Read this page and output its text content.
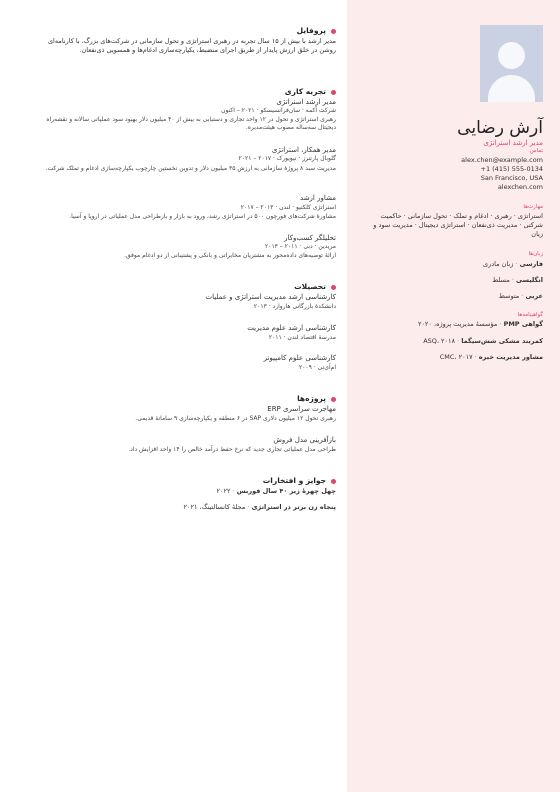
آرش رضایی
مدیر ارشد استراتژی
تماس
alex.chen@example.com
+1 (415) 555-0134
San Francisco, USA
alexchen.com
مهارت‌ها
استراتژی · رهبری · ادغام و تملک · تحول سازمانی · حاکمیت شرکتی · مدیریت ذی‌نفعان · استراتژی دیجیتال · مدیریت سود و زیان
زبان‌ها
فارسی · زبان مادری
انگلیسی · مسلط
عربی · متوسط
گواهینامه‌ها
گواهی PMP · مؤسسهٔ مدیریت پروژه، ۲۰۲۰
کمربند مشکی شش‌سیگما · ASQ، ۲۰۱۸
مشاور مدیریت خبره · CMC، ۲۰۱۷
پروفایل
مدیر ارشد با بیش از ۱۵ سال تجربه در رهبری استراتژی و تحول سازمانی در شرکت‌های بزرگ، با کارنامه‌ای روشن در خلق ارزش پایدار از طریق اجرای منضبط، یکپارچه‌سازی ادغام‌ها و همسویی ذی‌نفعان.
تجربه کاری
مدیر ارشد استراتژی
شرکت آکمه · سان‌فرانسیسکو · ۲۰۲۱ – اکنون
رهبری استراتژی و تحول در ۱۲ واحد تجاری و دستیابی به بیش از ۴۰ میلیون دلار بهبود سود عملیاتی سالانه و نقشه‌راه دیجیتال سه‌ساله مصوب هیئت‌مدیره.
مدیر همکار، استراتژی
گلوبال پارتنرز · نیویورک · ۲۰۱۷ – ۲۰۲۱
مدیریت سبد ۸ پروژهٔ سازمانی به ارزش ۳۵ میلیون دلار و تدوین نخستین چارچوب یکپارچه‌سازی ادغام و تملک شرکت.
مشاور ارشد
استراتژی کلکتیو · لندن · ۲۰۱۳ – ۲۰۱۷
مشاورهٔ شرکت‌های فورچون ۵۰۰ در استراتژی رشد، ورود به بازار و بازطراحی مدل عملیاتی در اروپا و آسیا.
تحلیلگر کسب‌وکار
مریدین · دبی · ۲۰۱۱ – ۲۰۱۳
ارائهٔ توصیه‌های داده‌محور به مشتریان مخابراتی و بانکی و پشتیبانی از دو ادغام موفق.
تحصیلات
کارشناسی ارشد مدیریت استراتژی و عملیات
دانشکدهٔ بازرگانی هاروارد · ۲۰۱۳
کارشناسی ارشد علوم مدیریت
مدرسهٔ اقتصاد لندن · ۲۰۱۱
کارشناسی علوم کامپیوتر
ام‌آی‌تی · ۲۰۰۹
پروژه‌ها
مهاجرت سراسری ERP
رهبری تحول ۱۲ میلیون دلاری SAP در ۶ منطقه و یکپارچه‌سازی ۹ سامانهٔ قدیمی.
بازآفرینی مدل فروش
طراحی مدل عملیاتی تجاری جدید که نرخ حفظ درآمد خالص را ۱۴ واحد افزایش داد.
جوایز و افتخارات
چهل چهرهٔ زیر ۴۰ سال فوربس · ۲۰۲۲
پنجاه زن برتر در استراتژی · مجلهٔ کانسالتینگ، ۲۰۲۱
